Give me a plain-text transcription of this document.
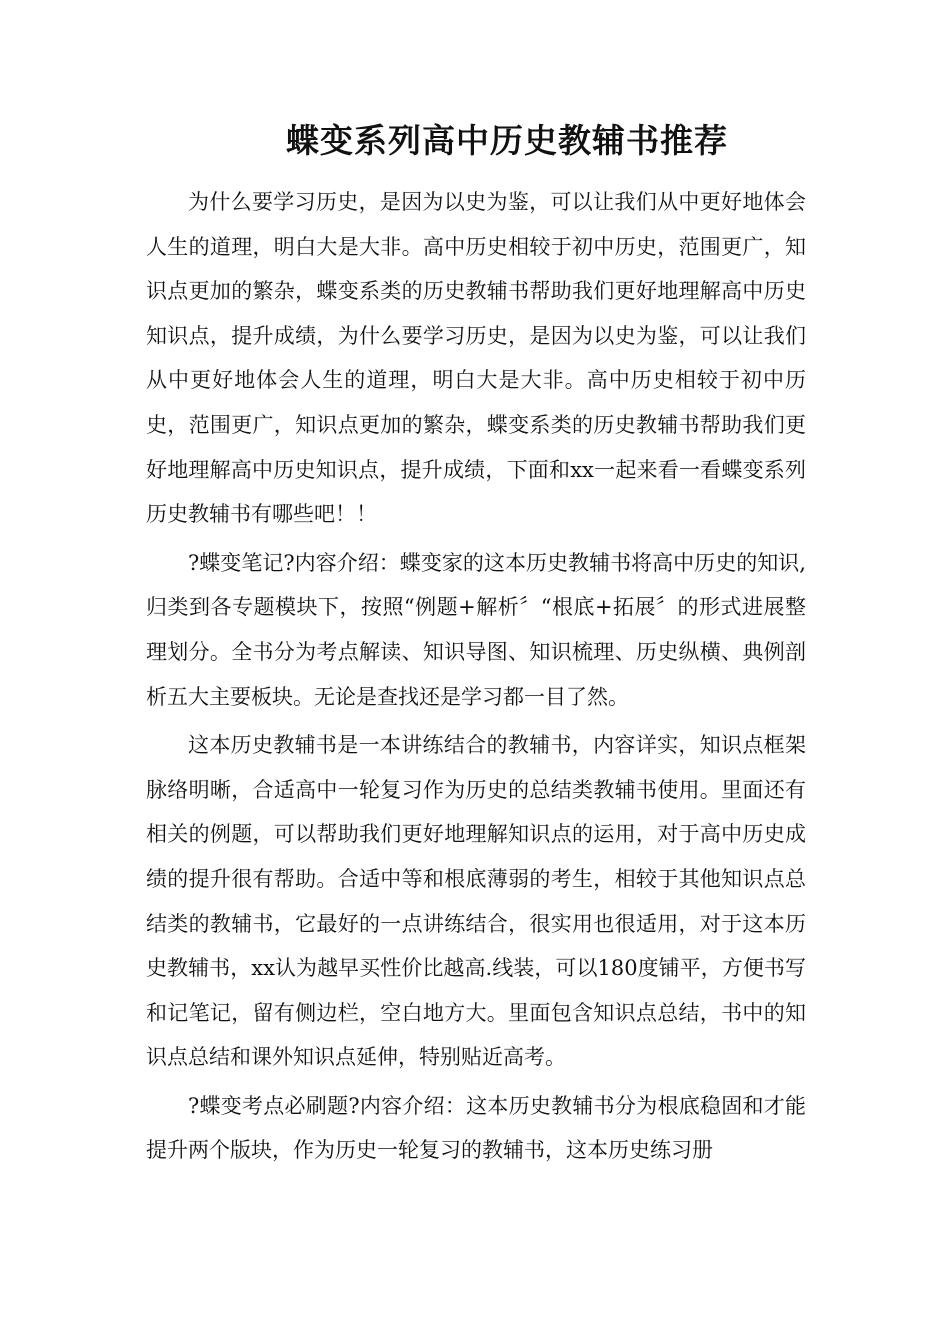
蝶变系列高中历史教辅书推荐

为什么要学习历史，是因为以史为鉴，可以让我们从中更好地体会人生的道理，明白大是大非。高中历史相较于初中历史，范围更广，知识点更加的繁杂，蝶变系类的历史教辅书帮助我们更好地理解高中历史知识点，提升成绩，为什么要学习历史，是因为以史为鉴，可以让我们从中更好地体会人生的道理，明白大是大非。高中历史相较于初中历史，范围更广，知识点更加的繁杂，蝶变系类的历史教辅书帮助我们更好地理解高中历史知识点，提升成绩，下面和xx一起来看一看蝶变系列历史教辅书有哪些吧！！

?蝶变笔记?内容介绍：蝶变家的这本历史教辅书将高中历史的知识,归类到各专题模块下，按照“例题+解析〞“根底+拓展〞的形式进展整理划分。全书分为考点解读、知识导图、知识梳理、历史纵横、典例剖析五大主要板块。无论是查找还是学习都一目了然。

这本历史教辅书是一本讲练结合的教辅书，内容详实，知识点框架脉络明晰，合适高中一轮复习作为历史的总结类教辅书使用。里面还有相关的例题，可以帮助我们更好地理解知识点的运用，对于高中历史成绩的提升很有帮助。合适中等和根底薄弱的考生，相较于其他知识点总结类的教辅书，它最好的一点讲练结合，很实用也很适用，对于这本历史教辅书，xx认为越早买性价比越高.线装，可以180度铺平，方便书写和记笔记，留有侧边栏，空白地方大。里面包含知识点总结，书中的知识点总结和课外知识点延伸，特别贴近高考。

?蝶变考点必刷题?内容介绍：这本历史教辅书分为根底稳固和才能提升两个版块，作为历史一轮复习的教辅书，这本历史练习册
